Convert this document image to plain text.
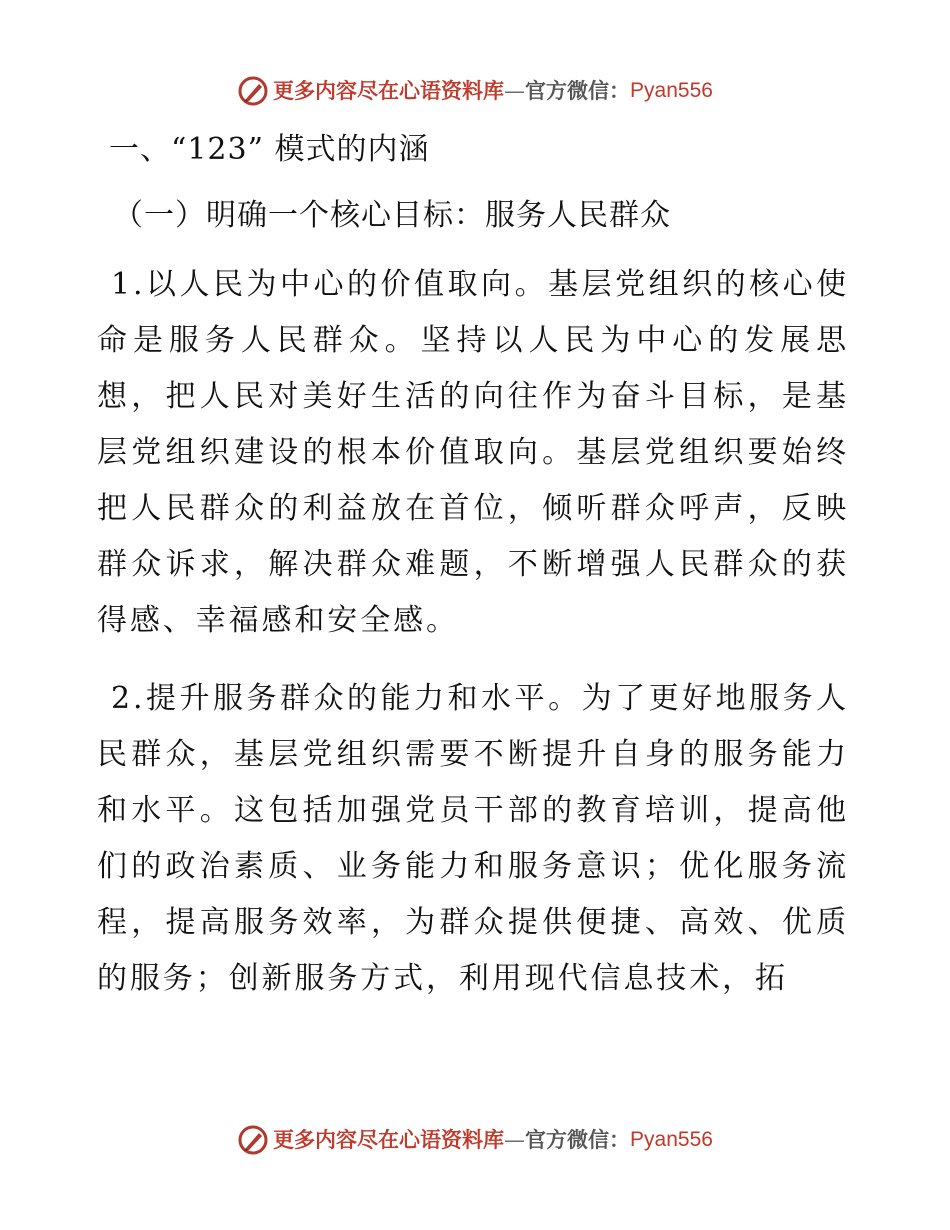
更多内容尽在心语资料库 — 官方微信： Pyan556
一、“123” 模式的内涵
（一）明确一个核心目标：服务人民群众

1.以人民为中心的价值取向。基层党组织的核心使命是服务人民群众。坚持以人民为中心的发展思想，把人民对美好生活的向往作为奋斗目标，是基层党组织建设的根本价值取向。基层党组织要始终把人民群众的利益放在首位，倾听群众呼声，反映群众诉求，解决群众难题，不断增强人民群众的获得感、幸福感和安全感。

2.提升服务群众的能力和水平。为了更好地服务人民群众，基层党组织需要不断提升自身的服务能力和水平。这包括加强党员干部的教育培训，提高他们的政治素质、业务能力和服务意识；优化服务流程，提高服务效率，为群众提供便捷、高效、优质的服务；创新服务方式，利用现代信息技术，拓

更多内容尽在心语资料库 — 官方微信： Pyan556
